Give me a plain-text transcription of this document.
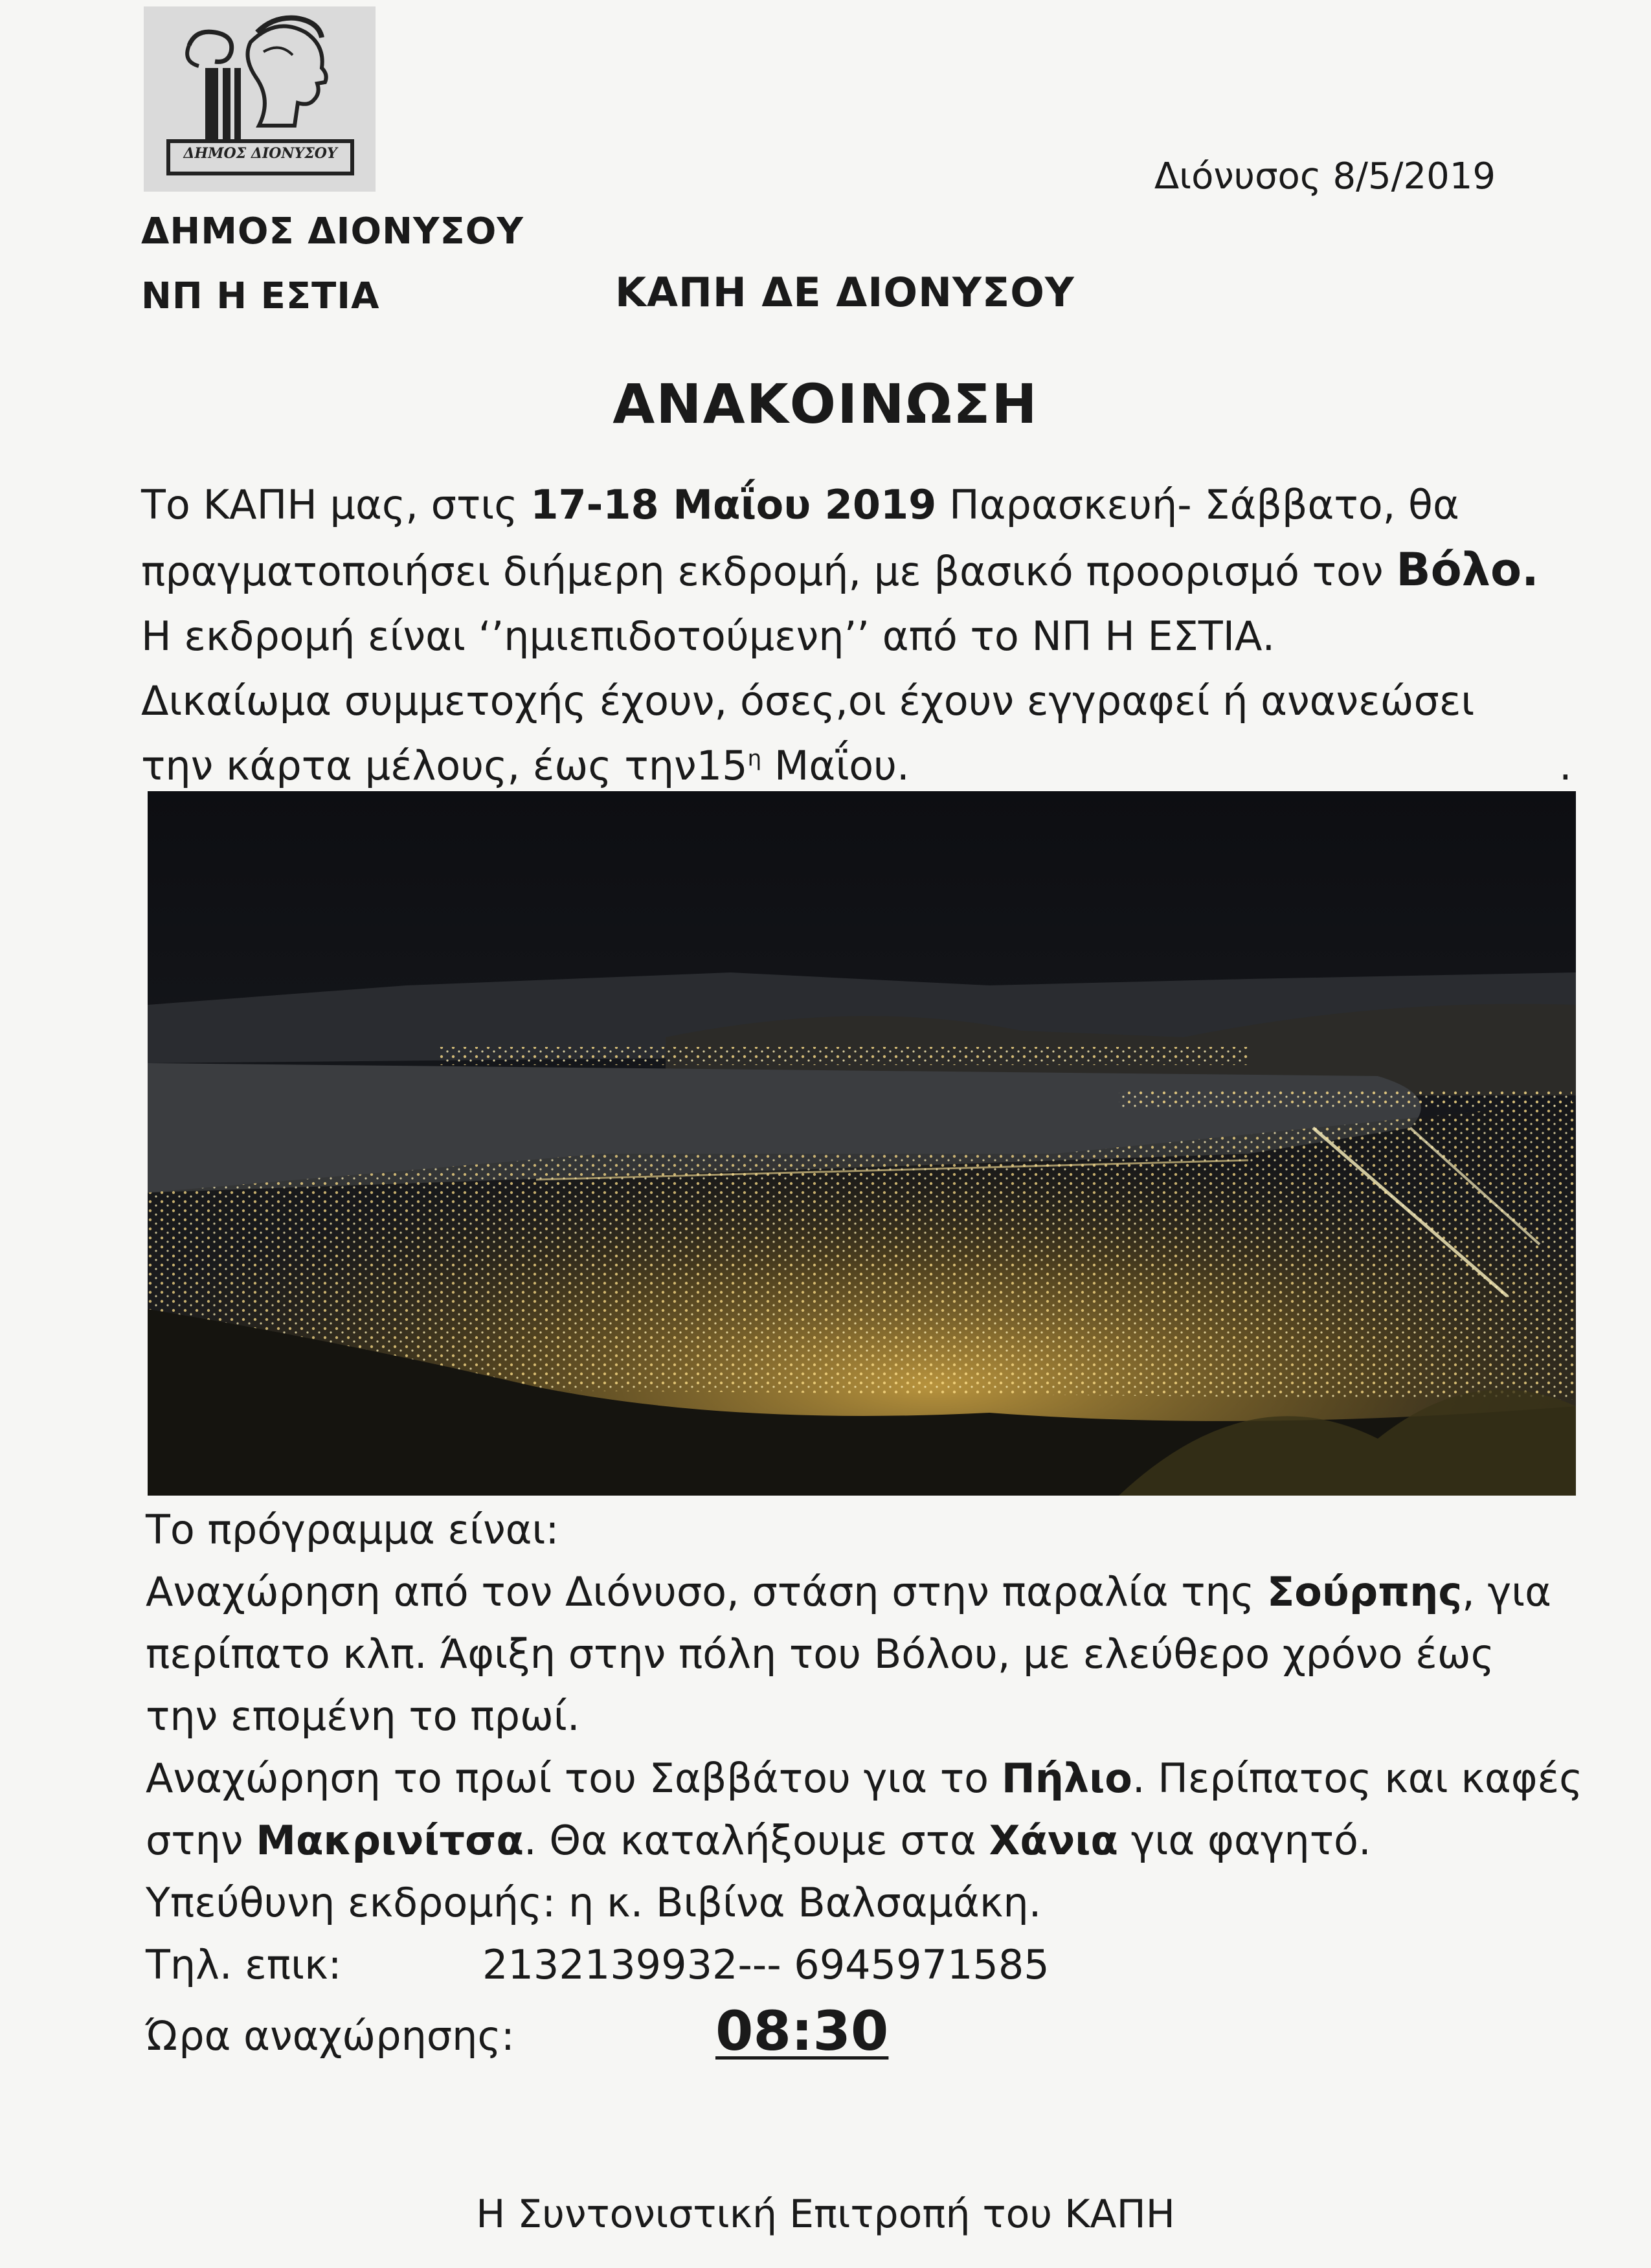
ΔΗΜΟΣ ΔΙΟΝΥΣΟΥ
ΔΗΜΟΣ ΔΙΟΝΥΣΟΥ
ΝΠ Η ΕΣΤΙΑ	ΚΑΠΗ ΔΕ ΔΙΟΝΥΣΟΥ
Διόνυσος 8/5/2019
ΑΝΑΚΟΙΝΩΣΗ
Το ΚΑΠΗ μας, στις 17-18 Μαΐου 2019 Παρασκευή- Σάββατο, θα
πραγματοποιήσει διήμερη εκδρομή, με βασικό προορισμό τον Βόλο.
Η εκδρομή είναι ‘’ημιεπιδοτούμενη’’ από το ΝΠ Η ΕΣΤΙΑ.
Δικαίωμα συμμετοχής έχουν, όσες,οι έχουν εγγραφεί ή ανανεώσει
την κάρτα μέλους, έως $\tau\eta\nu 15^\eta$ Μαΐου.	.
Το πρόγραμμα είναι:
Αναχώρηση από τον Διόνυσο, στάση στην παραλία της Σούρπης, για
περίπατο κλπ. Άφιξη στην πόλη του Βόλου, με ελεύθερο χρόνο έως
την επομένη το πρωί.
Αναχώρηση το πρωί του Σαββάτου για το Πήλιο. Περίπατος και καφές
στην Μακρινίτσα. Θα καταλήξουμε στα Χάνια για φαγητό.
Υπεύθυνη εκδρομής: η κ. Βιβίνα Βαλσαμάκη.
Τηλ. επικ:	2132139932--- 6945971585
Ώρα αναχώρησης:	08:30
Η Συντονιστική Επιτροπή του ΚΑΠΗ
